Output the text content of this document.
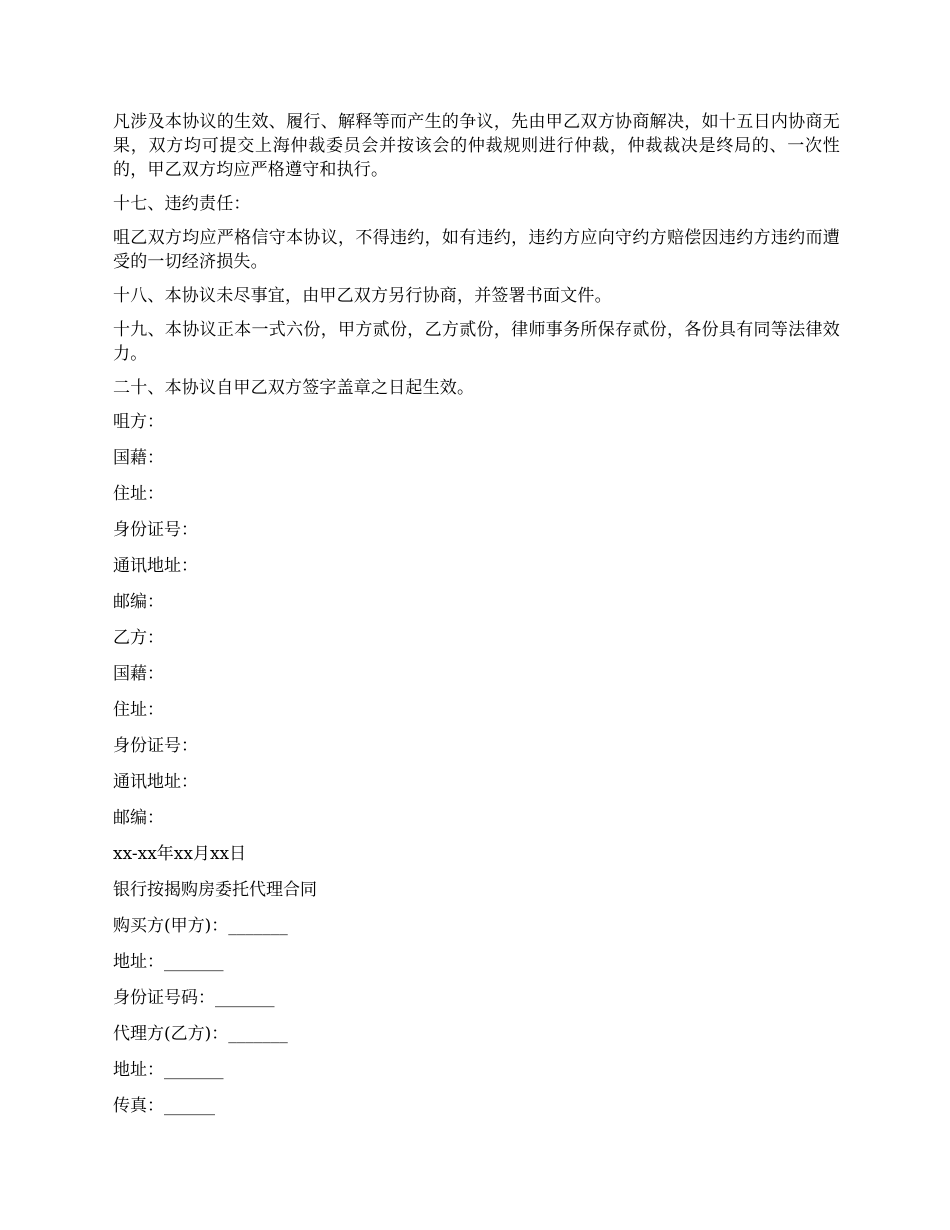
凡涉及本协议的生效、履行、解释等而产生的争议，先由甲乙双方协商解决，如十五日内协商无果，双方均可提交上海仲裁委员会并按该会的仲裁规则进行仲裁，仲裁裁决是终局的、一次性的，甲乙双方均应严格遵守和执行。

十七、违约责任：

咀乙双方均应严格信守本协议，不得违约，如有违约，违约方应向守约方赔偿因违约方违约而遭受的一切经济损失。

十八、本协议未尽事宜，由甲乙双方另行协商，并签署书面文件。

十九、本协议正本一式六份，甲方贰份，乙方贰份，律师事务所保存贰份，各份具有同等法律效力。

二十、本协议自甲乙双方签字盖章之日起生效。

咀方：
国藉：
住址：
身份证号：
通讯地址：
邮编：
乙方：
国藉：
住址：
身份证号：
通讯地址：
邮编：
xx-xx年xx月xx日
银行按揭购房委托代理合同
购买方(甲方)：_______
地址：_______
身份证号码：_______
代理方(乙方)：_______
地址：_______
传真：______
